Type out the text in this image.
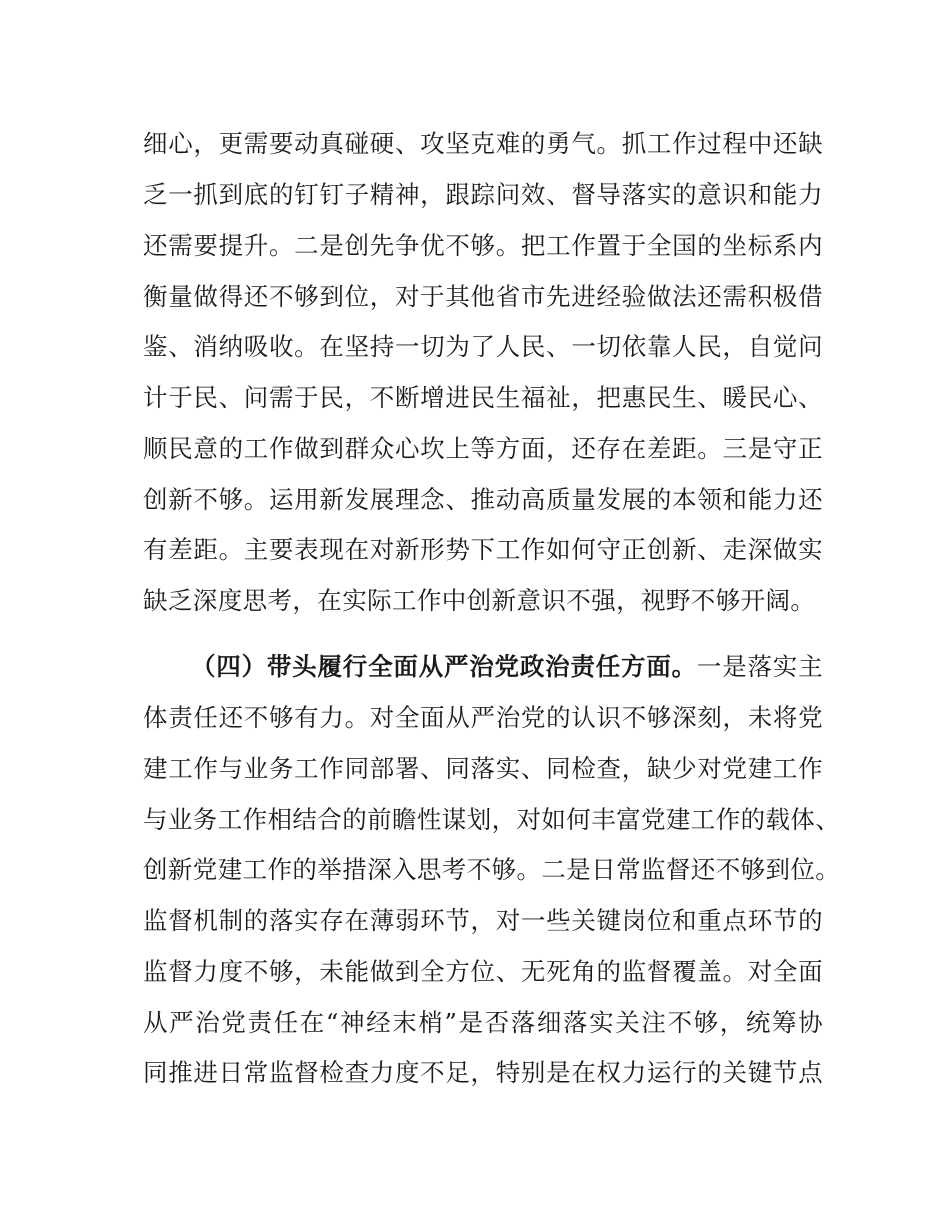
细心，更需要动真碰硬、攻坚克难的勇气。抓工作过程中还缺
乏一抓到底的钉钉子精神，跟踪问效、督导落实的意识和能力
还需要提升。二是创先争优不够。把工作置于全国的坐标系内
衡量做得还不够到位，对于其他省市先进经验做法还需积极借
鉴、消纳吸收。在坚持一切为了人民、一切依靠人民，自觉问
计于民、问需于民，不断增进民生福祉，把惠民生、暖民心、
顺民意的工作做到群众心坎上等方面，还存在差距。三是守正
创新不够。运用新发展理念、推动高质量发展的本领和能力还
有差距。主要表现在对新形势下工作如何守正创新、走深做实
缺乏深度思考，在实际工作中创新意识不强，视野不够开阔。
（四）带头履行全面从严治党政治责任方面。一是落实主
体责任还不够有力。对全面从严治党的认识不够深刻，未将党
建工作与业务工作同部署、同落实、同检查，缺少对党建工作
与业务工作相结合的前瞻性谋划，对如何丰富党建工作的载体、
创新党建工作的举措深入思考不够。二是日常监督还不够到位。
监督机制的落实存在薄弱环节，对一些关键岗位和重点环节的
监督力度不够，未能做到全方位、无死角的监督覆盖。对全面
从严治党责任在“神经末梢”是否落细落实关注不够，统筹协
同推进日常监督检查力度不足，特别是在权力运行的关键节点
